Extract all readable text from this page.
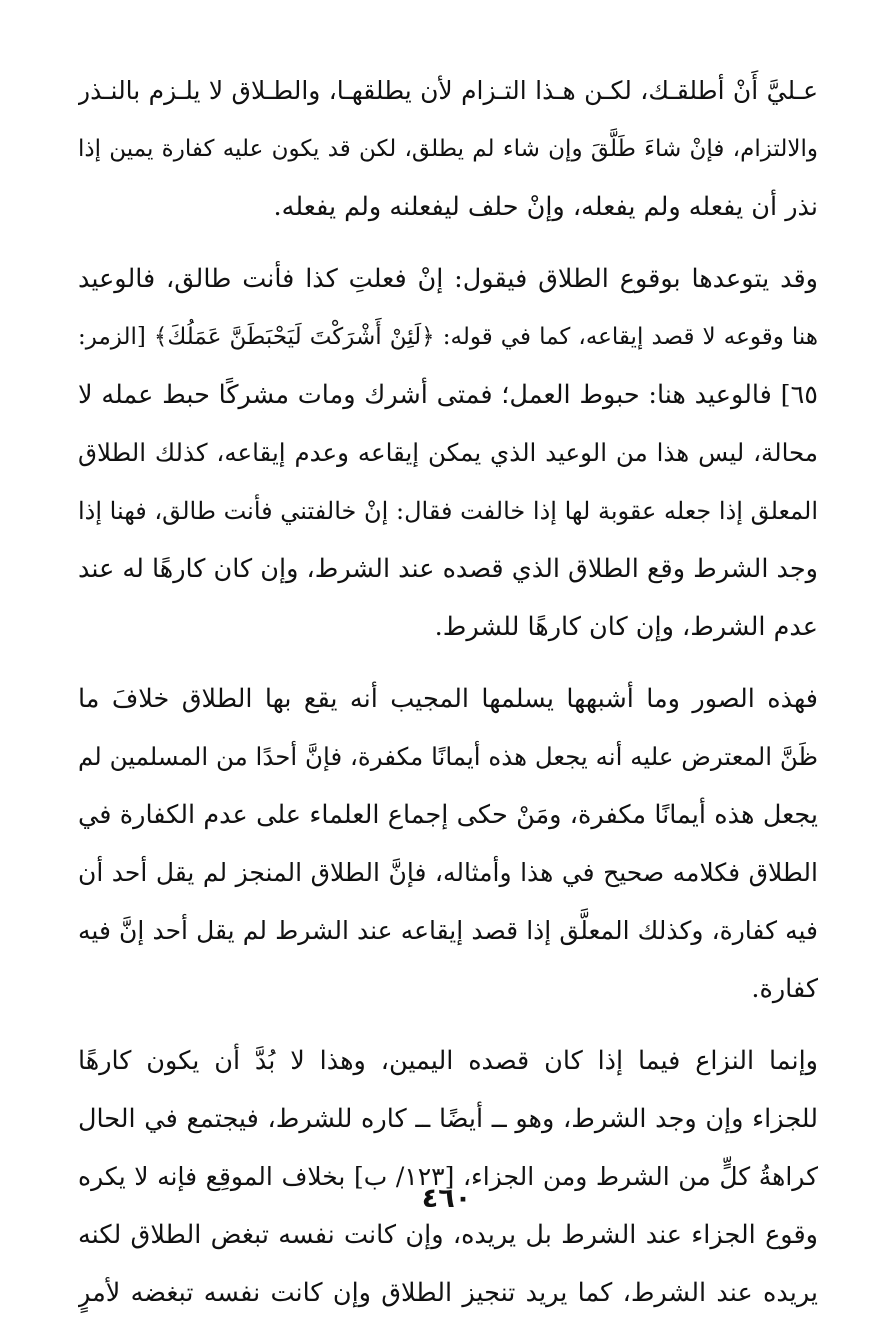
عـليَّ أَنْ أطلقـك، لكـن هـذا التـزام لأن يطلقهـا، والطـلاق لا يلـزم بالنـذر
والالتزام، فإنْ شاءَ طَلَّقَ وإن شاء لم يطلق، لكن قد يكون عليه كفارة يمين إذا
نذر أن يفعله ولم يفعله، وإنْ حلف ليفعلنه ولم يفعله.
وقد يتوعدها بوقوع الطلاق فيقول: إنْ فعلتِ كذا فأنت طالق، فالوعيد
هنا وقوعه لا قصد إيقاعه، كما في قوله: ﴿لَئِنْ أَشْرَكْتَ لَيَحْبَطَنَّ عَمَلُكَ﴾ [الزمر:
٦٥] فالوعيد هنا: حبوط العمل؛ فمتى أشرك ومات مشركًا حبط عمله لا
محالة، ليس هذا من الوعيد الذي يمكن إيقاعه وعدم إيقاعه، كذلك الطلاق
المعلق إذا جعله عقوبة لها إذا خالفت فقال: إنْ خالفتني فأنت طالق، فهنا إذا
وجد الشرط وقع الطلاق الذي قصده عند الشرط، وإن كان كارهًا له عند
عدم الشرط، وإن كان كارهًا للشرط.
فهذه الصور وما أشبهها يسلمها المجيب أنه يقع بها الطلاق خلافَ ما
ظَنَّ المعترض عليه أنه يجعل هذه أيمانًا مكفرة، فإنَّ أحدًا من المسلمين لم
يجعل هذه أيمانًا مكفرة، ومَنْ حكى إجماع العلماء على عدم الكفارة في
الطلاق فكلامه صحيح في هذا وأمثاله، فإنَّ الطلاق المنجز لم يقل أحد أن
فيه كفارة، وكذلك المعلَّق إذا قصد إيقاعه عند الشرط لم يقل أحد إنَّ فيه
كفارة.
وإنما النزاع فيما إذا كان قصده اليمين، وهذا لا بُدَّ أن يكون كارهًا
للجزاء وإن وجد الشرط، وهو ــ أيضًا ــ كاره للشرط، فيجتمع في الحال
كراهةُ كلٍّ من الشرط ومن الجزاء، [١٢٣/ ب] بخلاف الموقِع فإنه لا يكره
وقوع الجزاء عند الشرط بل يريده، وإن كانت نفسه تبغض الطلاق لكنه
يريده عند الشرط، كما يريد تنجيز الطلاق وإن كانت نفسه تبغضه لأمرٍ
٤٦٠
